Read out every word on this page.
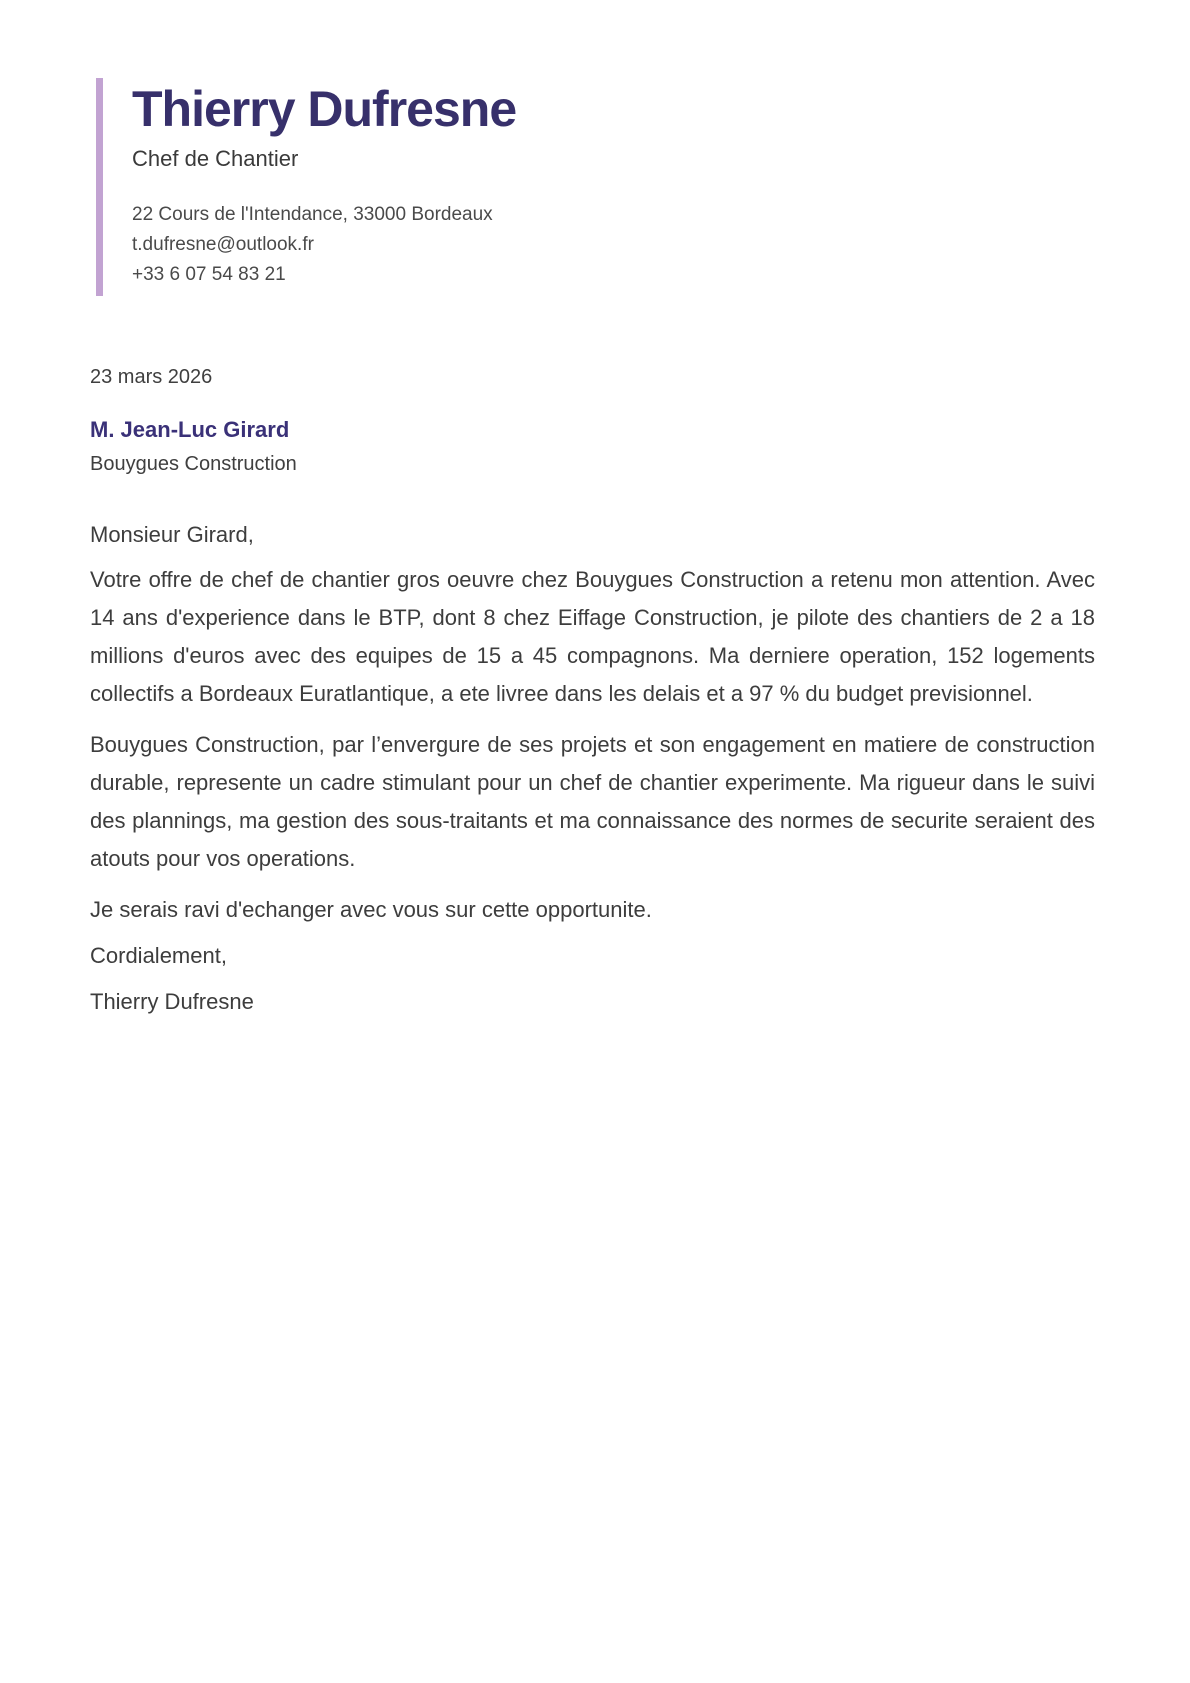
Thierry Dufresne
Chef de Chantier
22 Cours de l'Intendance, 33000 Bordeaux
t.dufresne@outlook.fr
+33 6 07 54 83 21
23 mars 2026
M. Jean-Luc Girard
Bouygues Construction
Monsieur Girard,

Votre offre de chef de chantier gros oeuvre chez Bouygues Construction a retenu mon attention. Avec 14 ans d'experience dans le BTP, dont 8 chez Eiffage Construction, je pilote des chantiers de 2 a 18 millions d'euros avec des equipes de 15 a 45 compagnons. Ma derniere operation, 152 logements collectifs a Bordeaux Euratlantique, a ete livree dans les delais et a 97 % du budget previsionnel.

Bouygues Construction, par l’envergure de ses projets et son engagement en matiere de construction durable, represente un cadre stimulant pour un chef de chantier experimente. Ma rigueur dans le suivi des plannings, ma gestion des sous-traitants et ma connaissance des normes de securite seraient des atouts pour vos operations.

Je serais ravi d'echanger avec vous sur cette opportunite.

Cordialement,
Thierry Dufresne
